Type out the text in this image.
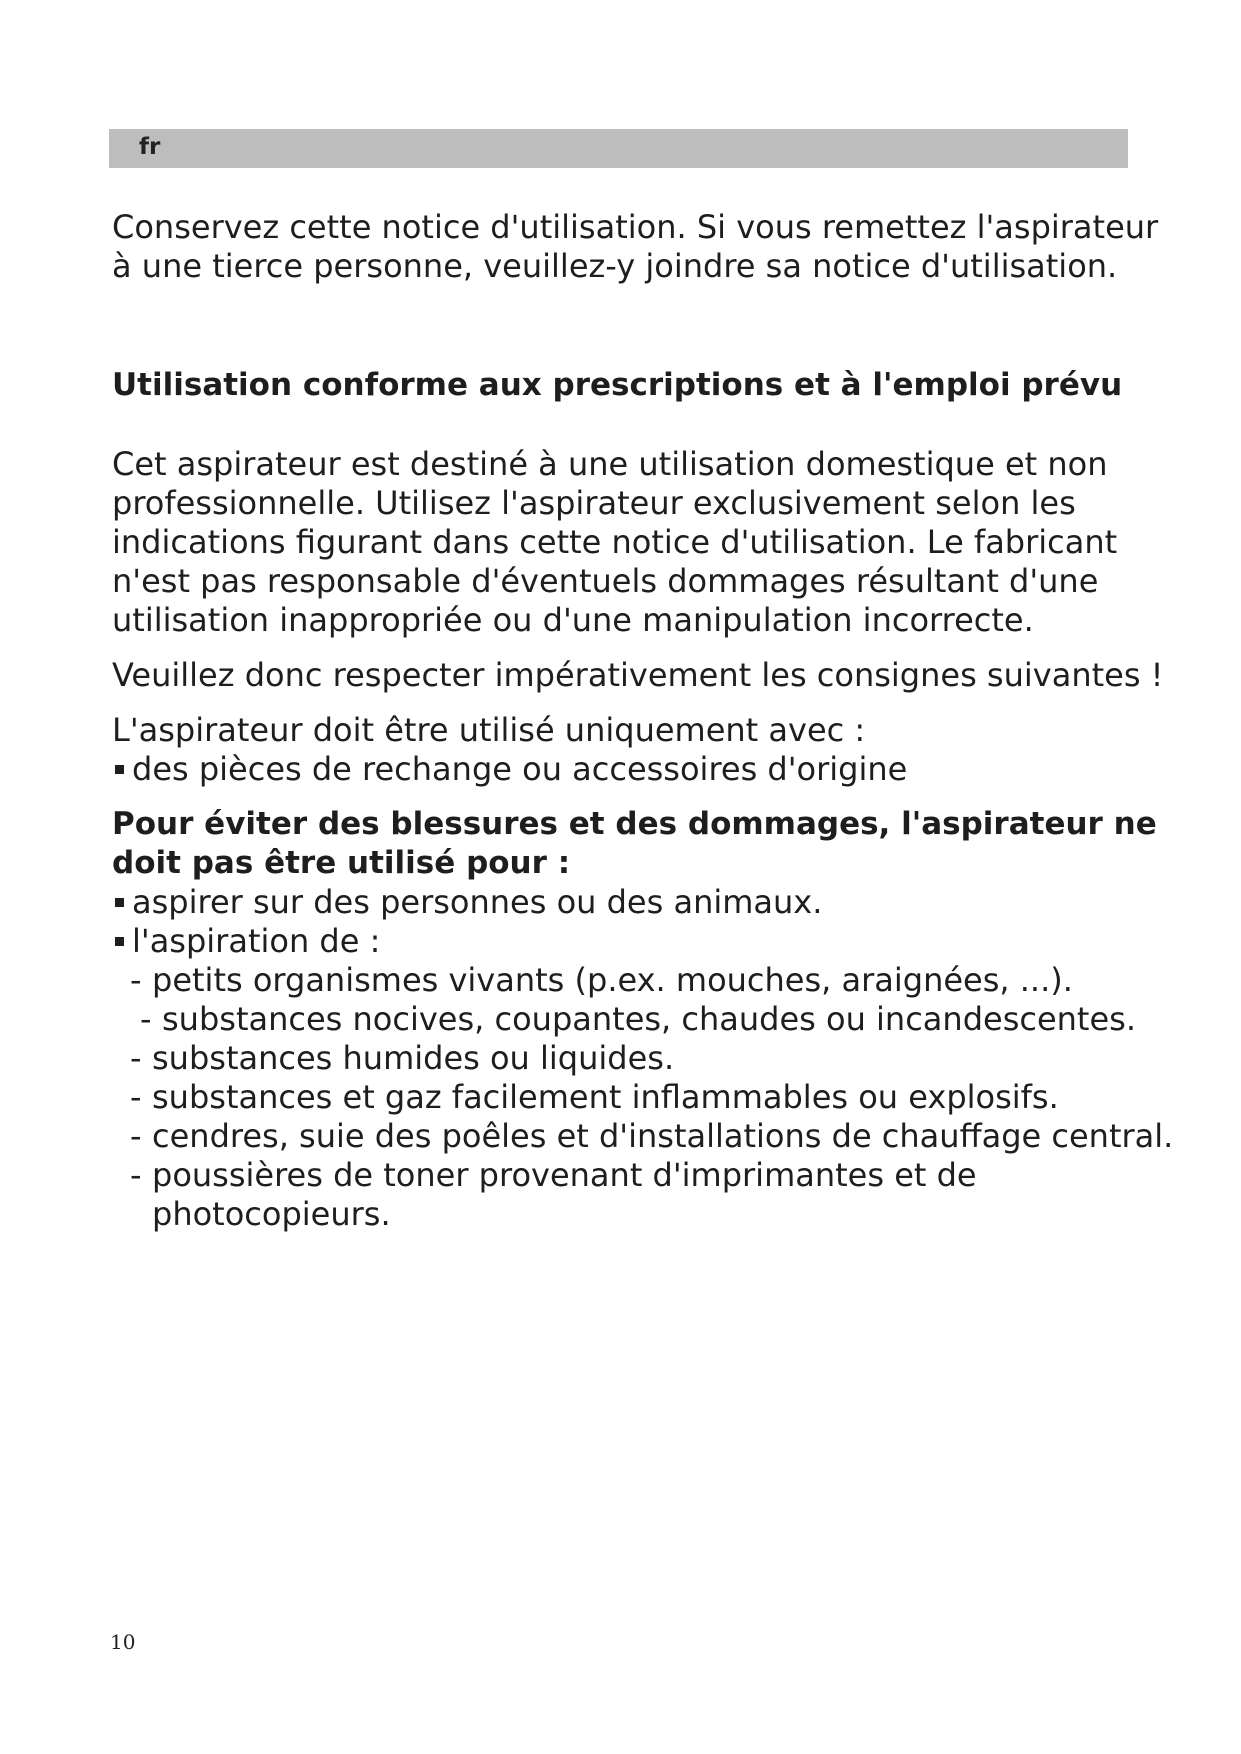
fr

Conservez cette notice d'utilisation. Si vous remettez l'aspirateur à une tierce personne, veuillez-y joindre sa notice d'utilisation.

Utilisation conforme aux prescriptions et à l'emploi prévu

Cet aspirateur est destiné à une utilisation domestique et non professionnelle. Utilisez l'aspirateur exclusivement selon les indications figurant dans cette notice d'utilisation. Le fabricant n'est pas responsable d'éventuels dommages résultant d'une utilisation inappropriée ou d'une manipulation incorrecte.

Veuillez donc respecter impérativement les consignes suivantes !

L'aspirateur doit être utilisé uniquement avec :

des pièces de rechange ou accessoires d'origine

Pour éviter des blessures et des dommages, l'aspirateur ne doit pas être utilisé pour :

aspirer sur des personnes ou des animaux.
l'aspiration de :
- petits organismes vivants (p.ex. mouches, araignées, ...).
- substances nocives, coupantes, chaudes ou incandescentes.
- substances humides ou liquides.
- substances et gaz facilement inflammables ou explosifs.
- cendres, suie des poêles et d'installations de chauffage central.
- poussières de toner provenant d'imprimantes et de photocopieurs.
10
